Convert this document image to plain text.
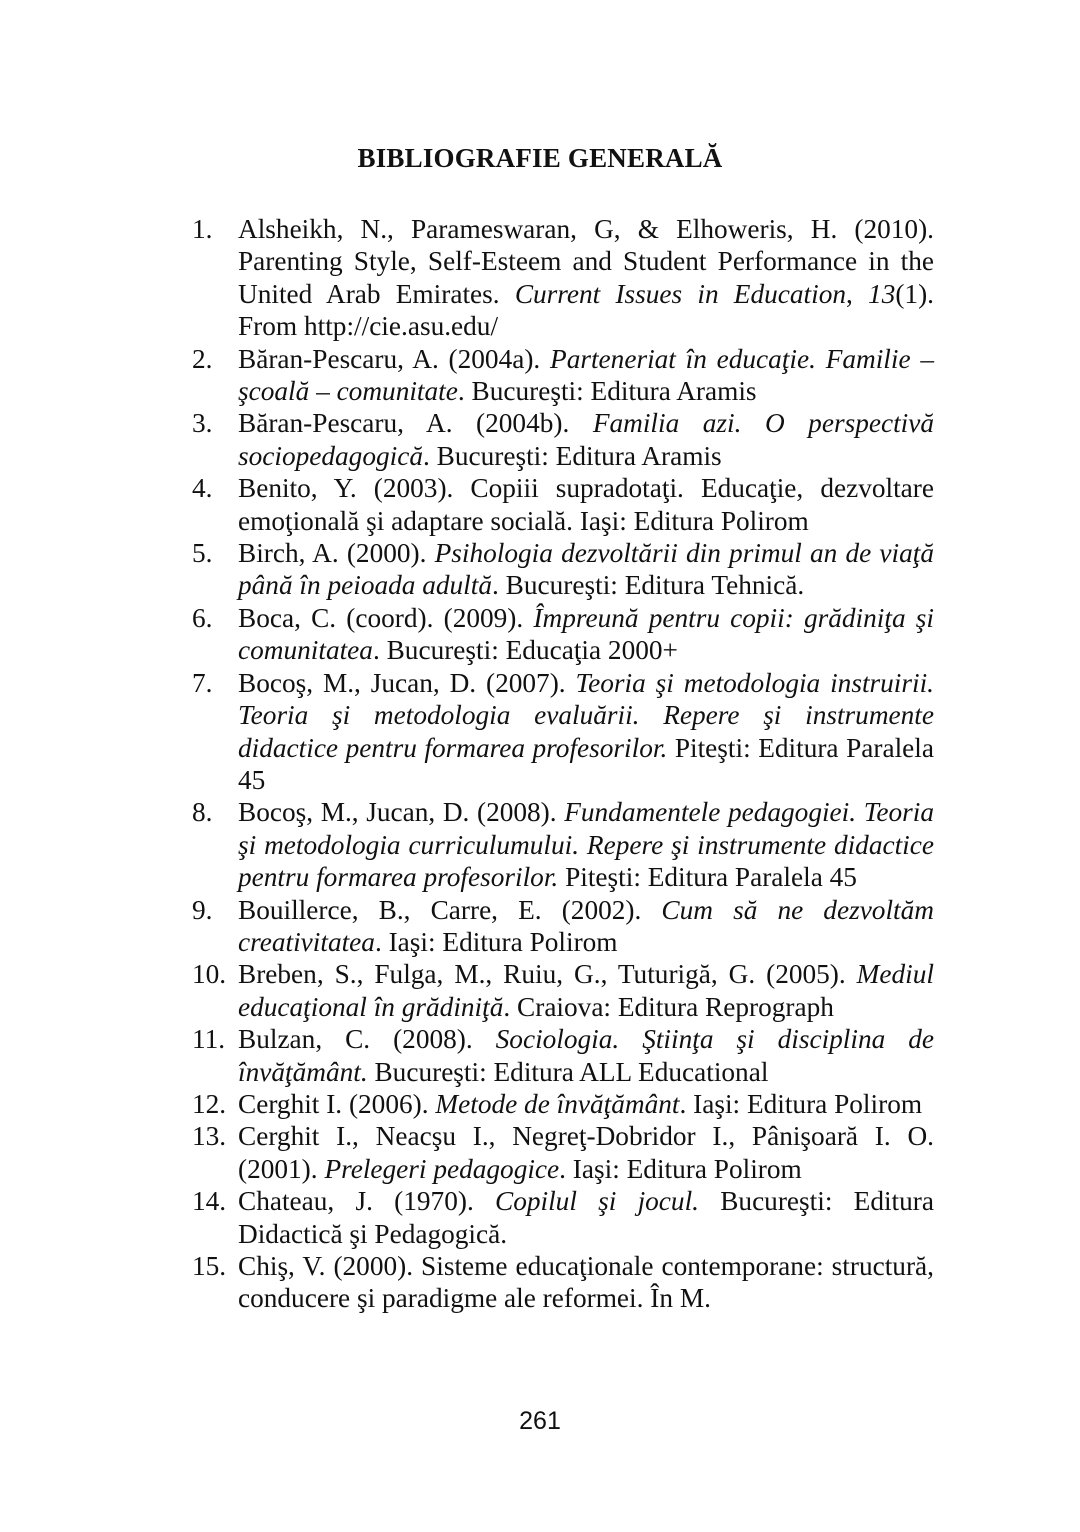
BIBLIOGRAFIE GENERALĂ
1. Alsheikh, N., Parameswaran, G, & Elhoweris, H. (2010). Parenting Style, Self-Esteem and Student Performance in the United Arab Emirates. Current Issues in Education, 13(1). From http://cie.asu.edu/
2. Băran-Pescaru, A. (2004a). Parteneriat în educaţie. Familie – şcoală – comunitate. Bucureşti: Editura Aramis
3. Băran-Pescaru, A. (2004b). Familia azi. O perspectivă sociopedagogică. Bucureşti: Editura Aramis
4. Benito, Y. (2003). Copiii supradotaţi. Educaţie, dezvoltare emoţională şi adaptare socială. Iaşi: Editura Polirom
5. Birch, A. (2000). Psihologia dezvoltării din primul an de viaţă până în peioada adultă. Bucureşti: Editura Tehnică.
6. Boca, C. (coord). (2009). Împreună pentru copii: grădiniţa şi comunitatea. Bucureşti: Educaţia 2000+
7. Bocoş, M., Jucan, D. (2007). Teoria şi metodologia instruirii. Teoria şi metodologia evaluării. Repere şi instrumente didactice pentru formarea profesorilor. Piteşti: Editura Paralela 45
8. Bocoş, M., Jucan, D. (2008). Fundamentele pedagogiei. Teoria şi metodologia curriculumului. Repere şi instrumente didactice pentru formarea profesorilor. Piteşti: Editura Paralela 45
9. Bouillerce, B., Carre, E. (2002). Cum să ne dezvoltăm creativitatea. Iaşi: Editura Polirom
10. Breben, S., Fulga, M., Ruiu, G., Tuturigă, G. (2005). Mediul educaţional în grădiniţă. Craiova: Editura Reprograph
11. Bulzan, C. (2008). Sociologia. Ştiinţa şi disciplina de învăţământ. Bucureşti: Editura ALL Educational
12. Cerghit I. (2006). Metode de învăţământ. Iaşi: Editura Polirom
13. Cerghit I., Neacşu I., Negreţ-Dobridor I., Pânişoară I. O. (2001). Prelegeri pedagogice. Iaşi: Editura Polirom
14. Chateau, J. (1970). Copilul şi jocul. Bucureşti: Editura Didactică şi Pedagogică.
15. Chiş, V. (2000). Sisteme educaţionale contemporane: structură, conducere şi paradigme ale reformei. În M.
261
